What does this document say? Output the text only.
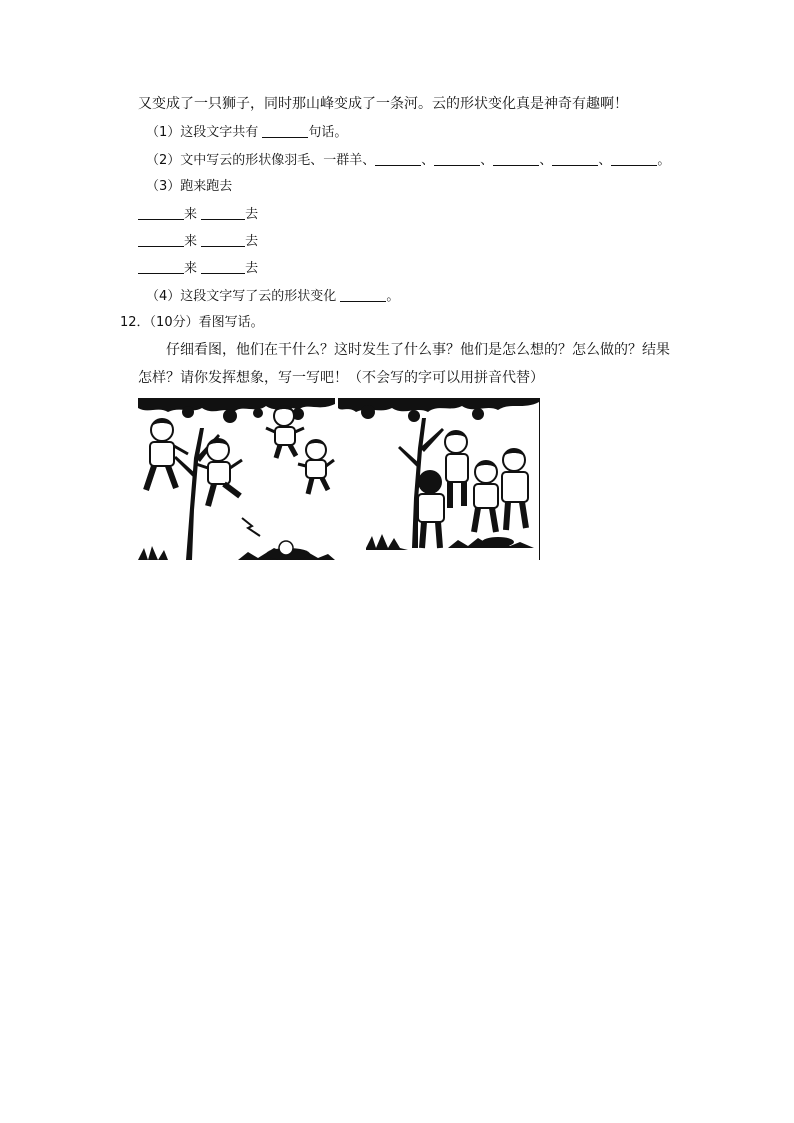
又变成了一只狮子，同时那山峰变成了一条河。云的形状变化真是神奇有趣啊！
（1）这段文字共有	句话。
（2）文中写云的形状像羽毛、一群羊、	、	、	、	、	。
（3）跑来跑去
来	去
来	去
来	去
（4）这段文字写了云的形状变化	。
12．（10分）看图写话。
仔细看图，他们在干什么？这时发生了什么事？他们是怎么想的？怎么做的？结果
怎样？请你发挥想象，写一写吧！（不会写的字可以用拼音代替）
